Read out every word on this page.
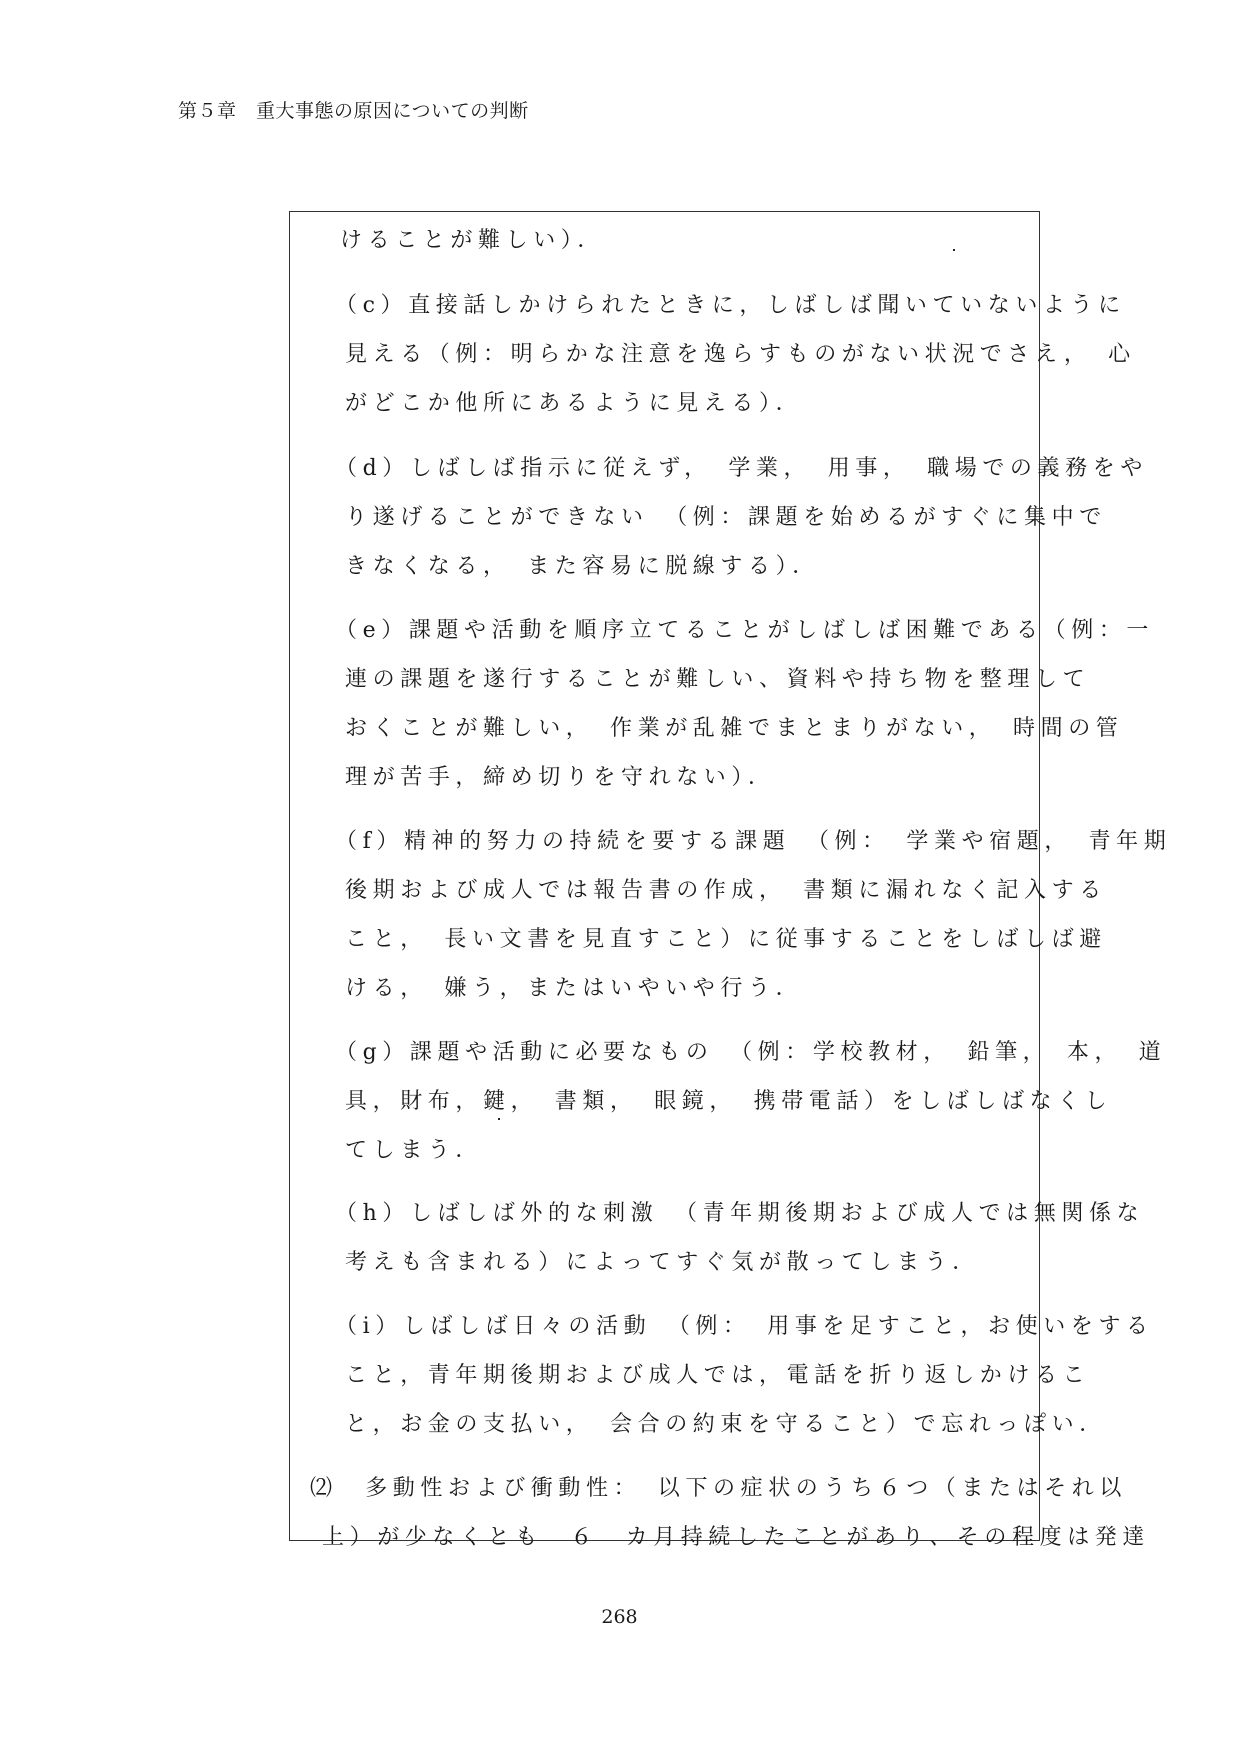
第５章　重大事態の原因についての判断
けることが難しい）．
（c）直接話しかけられたときに，しばしば聞いていないように
見える（例：明らかな注意を逸らすものがない状況でさえ，　心
がどこか他所にあるように見える）．
（d）しばしば指示に従えず，　学業，　用事，　職場での義務をや
り遂げることができない　（例：課題を始めるがすぐに集中で
きなくなる，　また容易に脱線する）．
（e）課題や活動を順序立てることがしばしば困難である（例：一
連の課題を遂行することが難しい、資料や持ち物を整理して
おくことが難しい，　作業が乱雑でまとまりがない，　時間の管
理が苦手，締め切りを守れない）．
（f）精神的努力の持続を要する課題　（例：　学業や宿題，　青年期
後期および成人では報告書の作成，　書類に漏れなく記入する
こと，　長い文書を見直すこと）に従事することをしばしば避
ける，　嫌う，またはいやいや行う．
（g）課題や活動に必要なもの　（例：学校教材，　鉛筆，　本，　道
具，財布，鍵，　書類，　眼鏡，　携帯電話）をしばしばなくし
てしまう．
（h）しばしば外的な刺激　（青年期後期および成人では無関係な
考えも含まれる）によってすぐ気が散ってしまう．
（i）しばしば日々の活動　（例：　用事を足すこと，お使いをする
こと，青年期後期および成人では，電話を折り返しかけるこ
と，お金の支払い，　会合の約束を守ること）で忘れっぽい．
⑵　多動性および衝動性：　以下の症状のうち６つ（またはそれ以
上）が少なくとも　６　カ月持続したことがあり、その程度は発達
268
